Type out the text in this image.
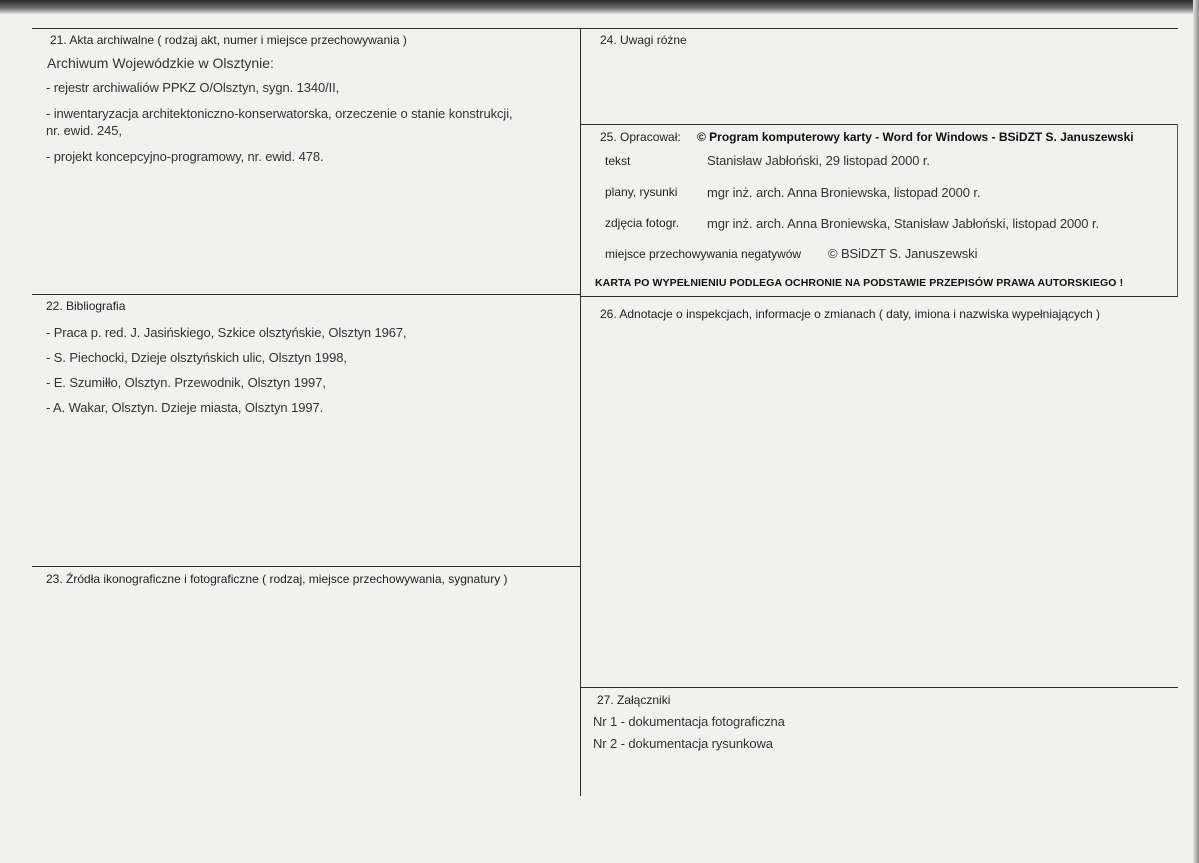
21. Akta archiwalne ( rodzaj akt, numer i miejsce przechowywania )
Archiwum Wojewódzkie w Olsztynie:
- rejestr archiwaliów PPKZ O/Olsztyn, sygn. 1340/II,
- inwentaryzacja architektoniczno-konserwatorska, orzeczenie o stanie konstrukcji,
nr. ewid. 245,
- projekt koncepcyjno-programowy, nr. ewid. 478.
22. Bibliografia
- Praca p. red. J. Jasińskiego, Szkice olsztyńskie, Olsztyn 1967,
- S. Piechocki, Dzieje olsztyńskich ulic, Olsztyn 1998,
- E. Szumiłło, Olsztyn. Przewodnik, Olsztyn 1997,
- A. Wakar, Olsztyn. Dzieje miasta, Olsztyn 1997.
23. Źródła ikonograficzne i fotograficzne ( rodzaj, miejsce przechowywania, sygnatury )
24. Uwagi różne
25. Opracował: © Program komputerowy karty - Word for Windows - BSiDZT S. Januszewski
tekst	Stanisław Jabłoński, 29 listopad 2000 r.
plany, rysunki mgr inż. arch. Anna Broniewska, listopad 2000 r.
zdjęcia fotogr. mgr inż. arch. Anna Broniewska, Stanisław Jabłoński, listopad 2000 r.
miejsce przechowywania negatywów © BSiDZT S. Januszewski
KARTA PO WYPEŁNIENIU PODLEGA OCHRONIE NA PODSTAWIE PRZEPISÓW PRAWA AUTORSKIEGO !
26. Adnotacje o inspekcjach, informacje o zmianach ( daty, imiona i nazwiska wypełniających )
27. Załączniki
Nr 1 - dokumentacja fotograficzna
Nr 2 - dokumentacja rysunkowa
